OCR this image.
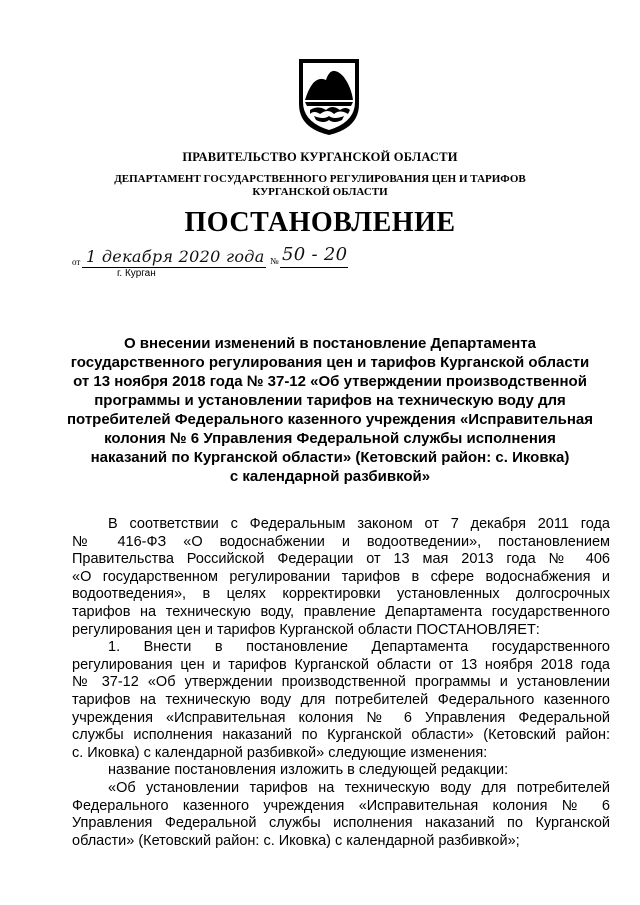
ПРАВИТЕЛЬСТВО КУРГАНСКОЙ ОБЛАСТИ
ДЕПАРТАМЕНТ ГОСУДАРСТВЕННОГО РЕГУЛИРОВАНИЯ ЦЕН И ТАРИФОВ
КУРГАНСКОЙ ОБЛАСТИ
ПОСТАНОВЛЕНИЕ
от 1 декабря 2020 года № 50 - 20
г. Курган
О внесении изменений в постановление Департамента
государственного регулирования цен и тарифов Курганской области
от 13 ноября 2018 года № 37-12 «Об утверждении производственной
программы и установлении тарифов на техническую воду для
потребителей Федерального казенного учреждения «Исправительная
колония № 6 Управления Федеральной службы исполнения
наказаний по Курганской области» (Кетовский район: с. Иковка)
с календарной разбивкой»
В соответствии с Федеральным законом от 7 декабря 2011 года
№ 416-ФЗ «О водоснабжении и водоотведении», постановлением
Правительства Российской Федерации от 13 мая 2013 года № 406
«О государственном регулировании тарифов в сфере водоснабжения и
водоотведения», в целях корректировки установленных долгосрочных
тарифов на техническую воду, правление Департамента государственного
регулирования цен и тарифов Курганской области ПОСТАНОВЛЯЕТ:
1. Внести в постановление Департамента государственного
регулирования цен и тарифов Курганской области от 13 ноября 2018 года
№ 37-12 «Об утверждении производственной программы и установлении
тарифов на техническую воду для потребителей Федерального казенного
учреждения «Исправительная колония № 6 Управления Федеральной
службы исполнения наказаний по Курганской области» (Кетовский район:
с. Иковка) с календарной разбивкой» следующие изменения:
название постановления изложить в следующей редакции:
«Об установлении тарифов на техническую воду для потребителей
Федерального казенного учреждения «Исправительная колония № 6
Управления Федеральной службы исполнения наказаний по Курганской
области» (Кетовский район: с. Иковка) с календарной разбивкой»;
